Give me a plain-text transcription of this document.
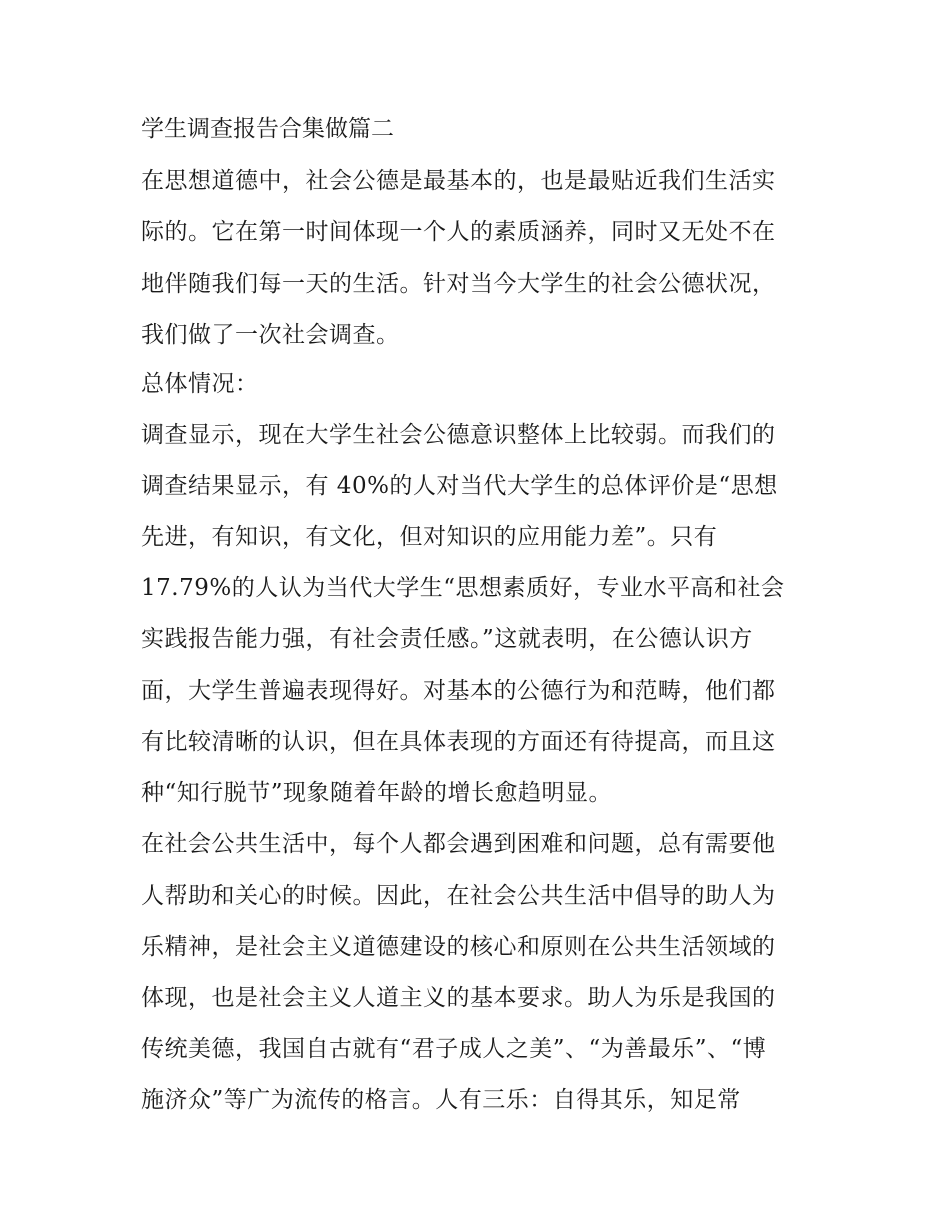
学生调查报告合集做篇二
在思想道德中，社会公德是最基本的，也是最贴近我们生活实
际的。它在第一时间体现一个人的素质涵养，同时又无处不在
地伴随我们每一天的生活。针对当今大学生的社会公德状况，
我们做了一次社会调查。
总体情况：
调查显示，现在大学生社会公德意识整体上比较弱。而我们的
调查结果显示，有 40%的人对当代大学生的总体评价是“思想
先进，有知识，有文化，但对知识的应用能力差”。只有
17.79%的人认为当代大学生“思想素质好，专业水平高和社会
实践报告能力强，有社会责任感。”这就表明，在公德认识方
面，大学生普遍表现得好。对基本的公德行为和范畴，他们都
有比较清晰的认识，但在具体表现的方面还有待提高，而且这
种“知行脱节”现象随着年龄的增长愈趋明显。
在社会公共生活中，每个人都会遇到困难和问题，总有需要他
人帮助和关心的时候。因此，在社会公共生活中倡导的助人为
乐精神，是社会主义道德建设的核心和原则在公共生活领域的
体现，也是社会主义人道主义的基本要求。助人为乐是我国的
传统美德，我国自古就有“君子成人之美”、“为善最乐”、“博
施济众”等广为流传的格言。人有三乐：自得其乐，知足常
